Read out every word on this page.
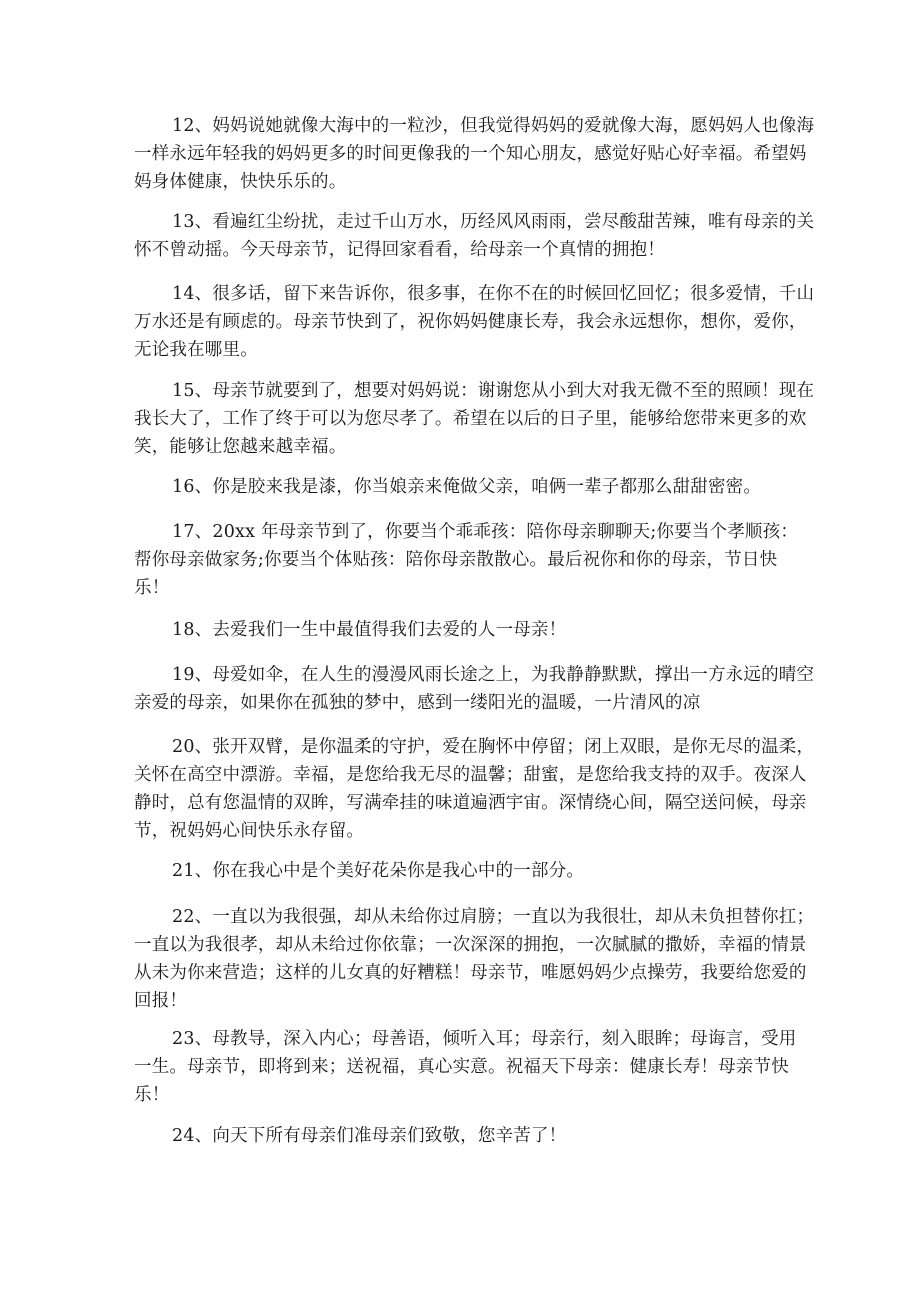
12、妈妈说她就像大海中的一粒沙，但我觉得妈妈的爱就像大海，愿妈妈人也像海
一样永远年轻我的妈妈更多的时间更像我的一个知心朋友，感觉好贴心好幸福。希望妈
妈身体健康，快快乐乐的。
13、看遍红尘纷扰，走过千山万水，历经风风雨雨，尝尽酸甜苦辣，唯有母亲的关
怀不曾动摇。今天母亲节，记得回家看看，给母亲一个真情的拥抱！
14、很多话，留下来告诉你，很多事，在你不在的时候回忆回忆；很多爱情，千山
万水还是有顾虑的。母亲节快到了，祝你妈妈健康长寿，我会永远想你，想你，爱你，
无论我在哪里。
15、母亲节就要到了，想要对妈妈说：谢谢您从小到大对我无微不至的照顾！现在
我长大了，工作了终于可以为您尽孝了。希望在以后的日子里，能够给您带来更多的欢
笑，能够让您越来越幸福。
16、你是胶来我是漆，你当娘亲来俺做父亲，咱俩一辈子都那么甜甜密密。
17、20xx 年母亲节到了，你要当个乖乖孩：陪你母亲聊聊天;你要当个孝顺孩：
帮你母亲做家务;你要当个体贴孩：陪你母亲散散心。最后祝你和你的母亲，节日快
乐！
18、去爱我们一生中最值得我们去爱的人一母亲！
19、母爱如伞，在人生的漫漫风雨长途之上，为我静静默默，撑出一方永远的晴空
亲爱的母亲，如果你在孤独的梦中，感到一缕阳光的温暖，一片清风的凉
20、张开双臂，是你温柔的守护，爱在胸怀中停留；闭上双眼，是你无尽的温柔，
关怀在高空中漂游。幸福，是您给我无尽的温馨；甜蜜，是您给我支持的双手。夜深人
静时，总有您温情的双眸，写满牵挂的味道遍洒宇宙。深情绕心间，隔空送问候，母亲
节，祝妈妈心间快乐永存留。
21、你在我心中是个美好花朵你是我心中的一部分。
22、一直以为我很强，却从未给你过肩膀；一直以为我很壮，却从未负担替你扛；
一直以为我很孝，却从未给过你依靠；一次深深的拥抱，一次腻腻的撒娇，幸福的情景
从未为你来营造；这样的儿女真的好糟糕！母亲节，唯愿妈妈少点操劳，我要给您爱的
回报！
23、母教导，深入内心；母善语，倾听入耳；母亲行，刻入眼眸；母诲言，受用
一生。母亲节，即将到来；送祝福，真心实意。祝福天下母亲：健康长寿！母亲节快
乐！
24、向天下所有母亲们准母亲们致敬，您辛苦了！
